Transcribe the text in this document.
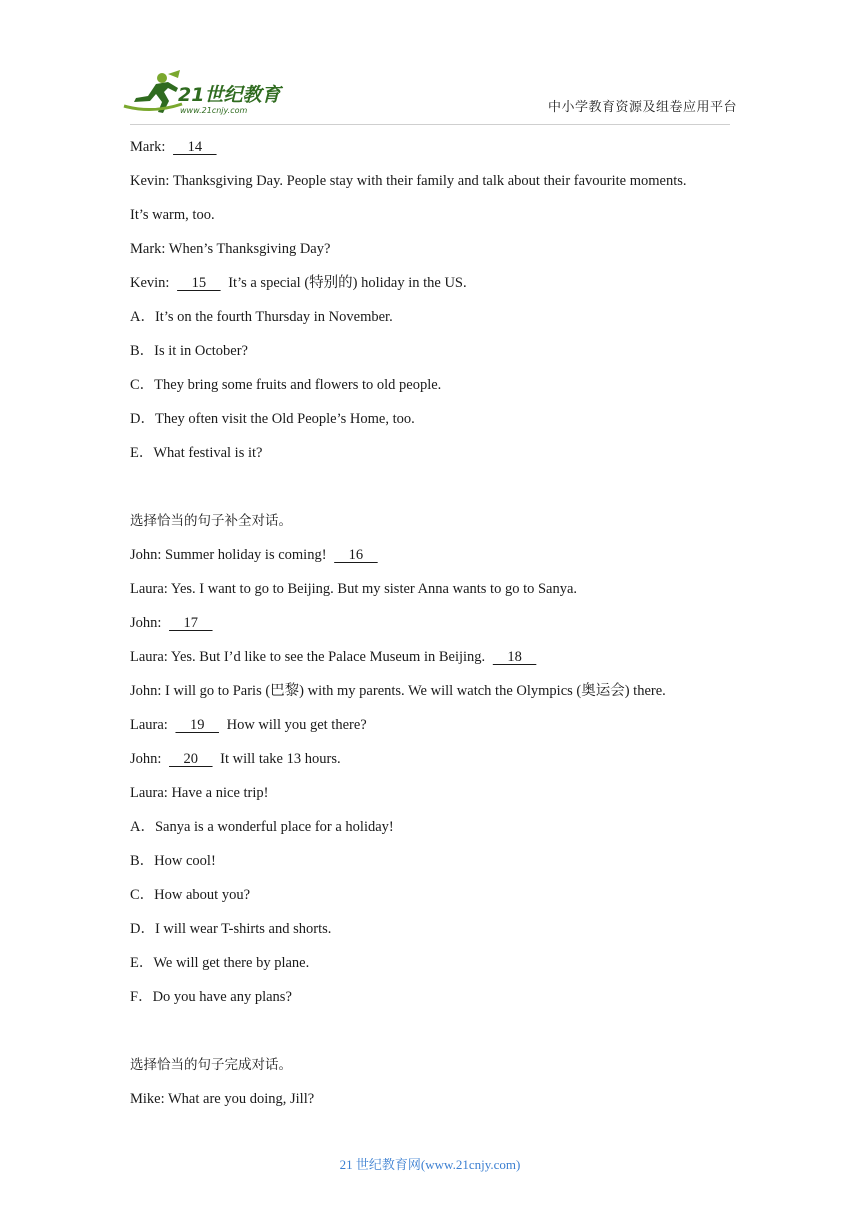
21世纪教育
www.21cnjy.com	中小学教育资源及组卷应用平台
Mark:     14
Kevin: Thanksgiving Day. People stay with their family and talk about their favourite moments.
It’s warm, too.
Mark: When’s Thanksgiving Day?
Kevin:     15     It’s a special (特别的) holiday in the US.
A．It’s on the fourth Thursday in November.
B．Is it in October?
C．They bring some fruits and flowers to old people.
D．They often visit the Old People’s Home, too.
E．What festival is it?
选择恰当的句子补全对话。
John: Summer holiday is coming!     16
Laura: Yes. I want to go to Beijing. But my sister Anna wants to go to Sanya.
John:     17
Laura: Yes. But I’d like to see the Palace Museum in Beijing.     18
John: I will go to Paris (巴黎) with my parents. We will watch the Olympics (奥运会) there.
Laura:     19     How will you get there?
John:     20     It will take 13 hours.
Laura: Have a nice trip!
A．Sanya is a wonderful place for a holiday!
B．How cool!
C．How about you?
D．I will wear T-shirts and shorts.
E．We will get there by plane.
F．Do you have any plans?
选择恰当的句子完成对话。
Mike: What are you doing, Jill?
21 世纪教育网(www.21cnjy.com)
